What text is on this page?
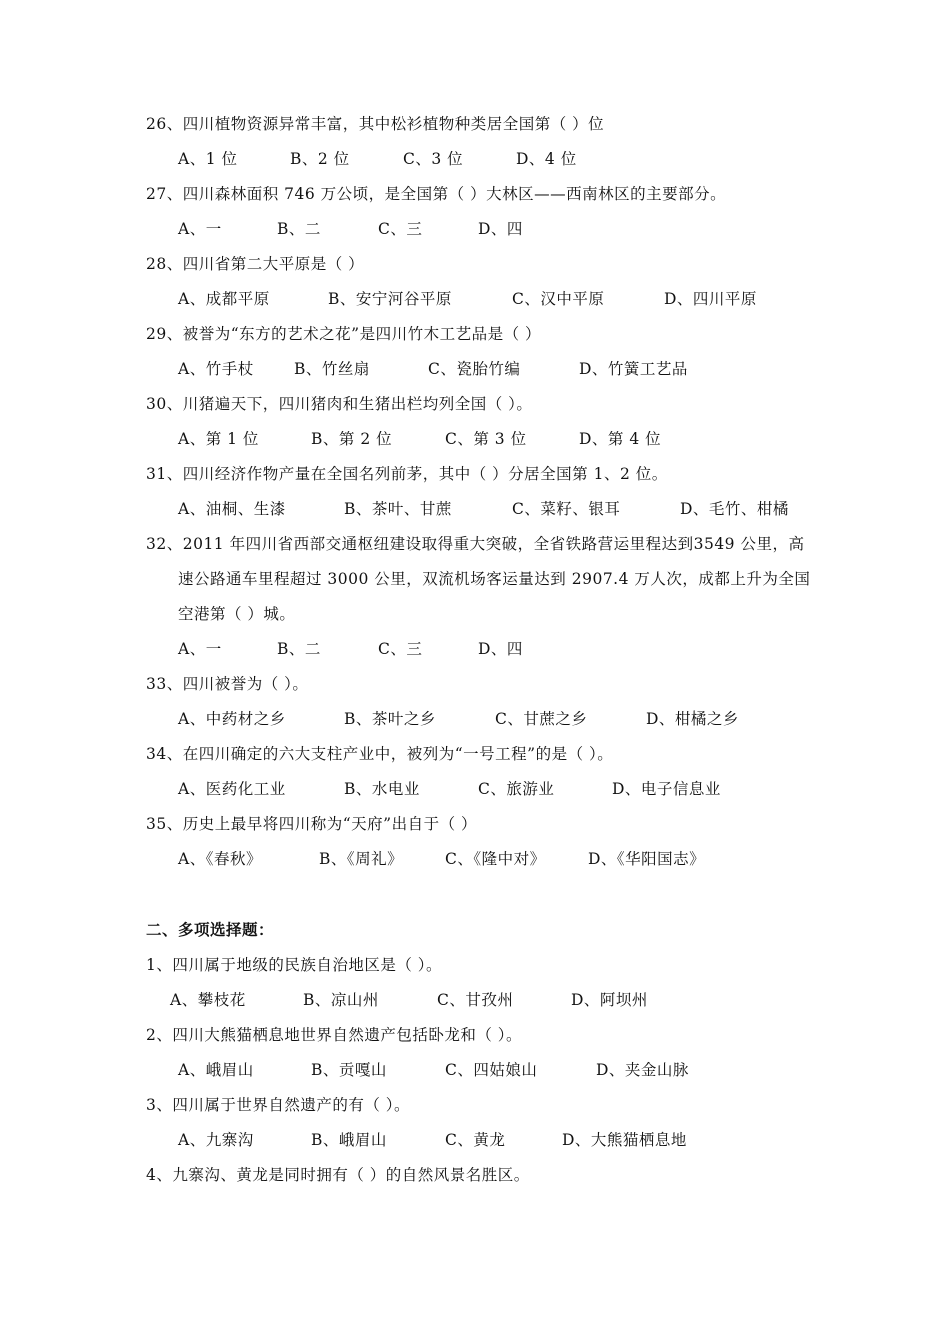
26、四川植物资源异常丰富，其中松衫植物种类居全国第（ ）位
A、1 位	B、2 位	C、3 位	D、4 位
27、四川森林面积 746 万公顷，是全国第（ ）大林区——西南林区的主要部分。
A、一	B、二	C、三	D、四
28、四川省第二大平原是（ ）
A、成都平原	B、安宁河谷平原	C、汉中平原	D、四川平原
29、被誉为“东方的艺术之花”是四川竹木工艺品是（ ）
A、竹手杖	B、竹丝扇	C、瓷胎竹编	D、竹簧工艺品
30、川猪遍天下，四川猪肉和生猪出栏均列全国（ ）。
A、第 1 位	B、第 2 位	C、第 3 位	D、第 4 位
31、四川经济作物产量在全国名列前茅，其中（ ）分居全国第 1、2 位。
A、油桐、生漆	B、茶叶、甘蔗	C、菜籽、银耳	D、毛竹、柑橘
32、2011 年四川省西部交通枢纽建设取得重大突破，全省铁路营运里程达到3549 公里，高
速公路通车里程超过 3000 公里，双流机场客运量达到 2907.4 万人次，成都上升为全国
空港第（ ）城。
A、一	B、二	C、三	D、四
33、四川被誉为（ ）。
A、中药材之乡	B、茶叶之乡	C、甘蔗之乡	D、柑橘之乡
34、在四川确定的六大支柱产业中，被列为“一号工程”的是（ ）。
A、医药化工业	B、水电业	C、旅游业	D、电子信息业
35、历史上最早将四川称为“天府”出自于（ ）
A、《春秋》	B、《周礼》	C、《隆中对》	D、《华阳国志》
二、多项选择题：
1、四川属于地级的民族自治地区是（ ）。
A、攀枝花	B、凉山州	C、甘孜州	D、阿坝州
2、四川大熊猫栖息地世界自然遗产包括卧龙和（ ）。
A、峨眉山	B、贡嘎山	C、四姑娘山	D、夹金山脉
3、四川属于世界自然遗产的有（ ）。
A、九寨沟	B、峨眉山	C、黄龙	D、大熊猫栖息地
4、九寨沟、黄龙是同时拥有（ ）的自然风景名胜区。
